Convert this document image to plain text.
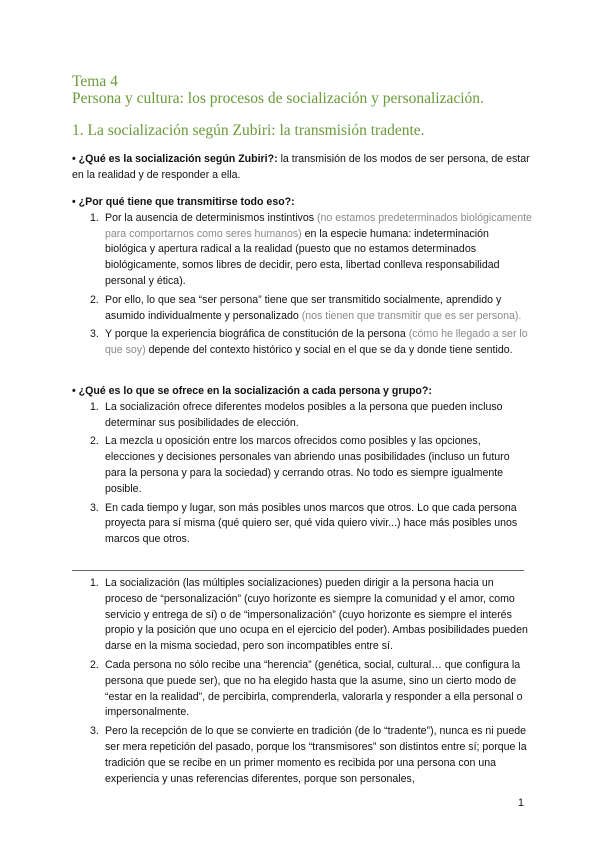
Tema 4
Persona y cultura: los procesos de socialización y personalización.
1. La socialización según Zubiri: la transmisión tradente.

• ¿Qué es la socialización según Zubiri?: la transmisión de los modos de ser persona, de estar en la realidad y de responder a ella.

• ¿Por qué tiene que transmitirse todo eso?:

1. Por la ausencia de determinismos instintivos (no estamos predeterminados biológicamente para comportarnos como seres humanos) en la especie humana: indeterminación biológica y apertura radical a la realidad (puesto que no estamos determinados biológicamente, somos libres de decidir, pero esta, libertad conlleva responsabilidad personal y ética).
2. Por ello, lo que sea “ser persona” tiene que ser transmitido socialmente, aprendido y asumido individualmente y personalizado (nos tienen que transmitir que es ser persona).
3. Y porque la experiencia biográfica de constitución de la persona (cómo he llegado a ser lo que soy) depende del contexto histórico y social en el que se da y donde tiene sentido.

• ¿Qué es lo que se ofrece en la socialización a cada persona y grupo?:

1. La socialización ofrece diferentes modelos posibles a la persona que pueden incluso determinar sus posibilidades de elección.
2. La mezcla u oposición entre los marcos ofrecidos como posibles y las opciones, elecciones y decisiones personales van abriendo unas posibilidades (incluso un futuro para la persona y para la sociedad) y cerrando otras. No todo es siempre igualmente posible.
3. En cada tiempo y lugar, son más posibles unos marcos que otros. Lo que cada persona proyecta para sí misma (qué quiero ser, qué vida quiero vivir...) hace más posibles unos marcos que otros.
1. La socialización (las múltiples socializaciones) pueden dirigir a la persona hacia un proceso de “personalización” (cuyo horizonte es siempre la comunidad y el amor, como servicio y entrega de sí) o de “impersonalización” (cuyo horizonte es siempre el interés propio y la posición que uno ocupa en el ejercicio del poder). Ambas posibilidades pueden darse en la misma sociedad, pero son incompatibles entre sí.
2. Cada persona no sólo recibe una “herencia” (genética, social, cultural… que configura la persona que puede ser), que no ha elegido hasta que la asume, sino un cierto modo de “estar en la realidad”, de percibirla, comprenderla, valorarla y responder a ella personal o impersonalmente.
3. Pero la recepción de lo que se convierte en tradición (de lo “tradente”), nunca es ni puede ser mera repetición del pasado, porque los “transmisores” son distintos entre sí; porque la tradición que se recibe en un primer momento es recibida por una persona con una experiencia y unas referencias diferentes, porque son personales,
1
